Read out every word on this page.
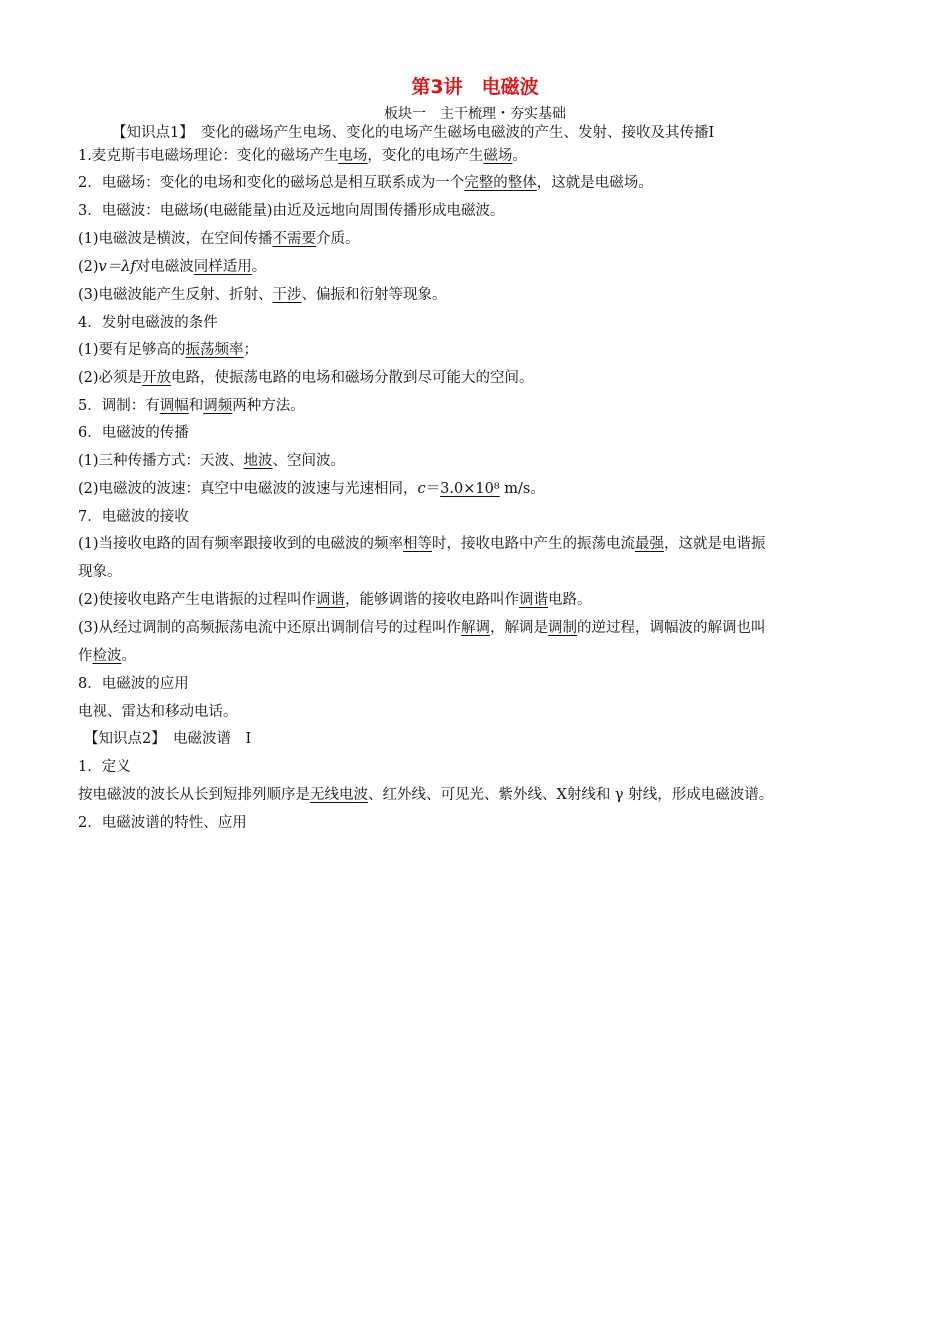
第3讲　电磁波
板块一　主干梳理・夯实基础
【知识点1】　变化的磁场产生电场、变化的电场产生磁场电磁波的产生、发射、接收及其传播Ⅰ
1.麦克斯韦电磁场理论：变化的磁场产生电场，变化的电场产生磁场。
2．电磁场：变化的电场和变化的磁场总是相互联系成为一个完整的整体，这就是电磁场。
3．电磁波：电磁场(电磁能量)由近及远地向周围传播形成电磁波。
(1)电磁波是横波，在空间传播不需要介质。
(2)v＝λf对电磁波同样适用。
(3)电磁波能产生反射、折射、干涉、偏振和衍射等现象。
4．发射电磁波的条件
(1)要有足够高的振荡频率；
(2)必须是开放电路，使振荡电路的电场和磁场分散到尽可能大的空间。
5．调制：有调幅和调频两种方法。
6．电磁波的传播
(1)三种传播方式：天波、地波、空间波。
(2)电磁波的波速：真空中电磁波的波速与光速相同，c＝3.0×10⁸ m/s。
7．电磁波的接收
(1)当接收电路的固有频率跟接收到的电磁波的频率相等时，接收电路中产生的振荡电流最强，这就是电谐振
现象。
(2)使接收电路产生电谐振的过程叫作调谐，能够调谐的接收电路叫作调谐电路。
(3)从经过调制的高频振荡电流中还原出调制信号的过程叫作解调，解调是调制的逆过程，调幅波的解调也叫
作检波。
8．电磁波的应用
电视、雷达和移动电话。
【知识点2】　电磁波谱　Ⅰ
1．定义
按电磁波的波长从长到短排列顺序是无线电波、红外线、可见光、紫外线、X射线和 γ 射线，形成电磁波谱。
2．电磁波谱的特性、应用
